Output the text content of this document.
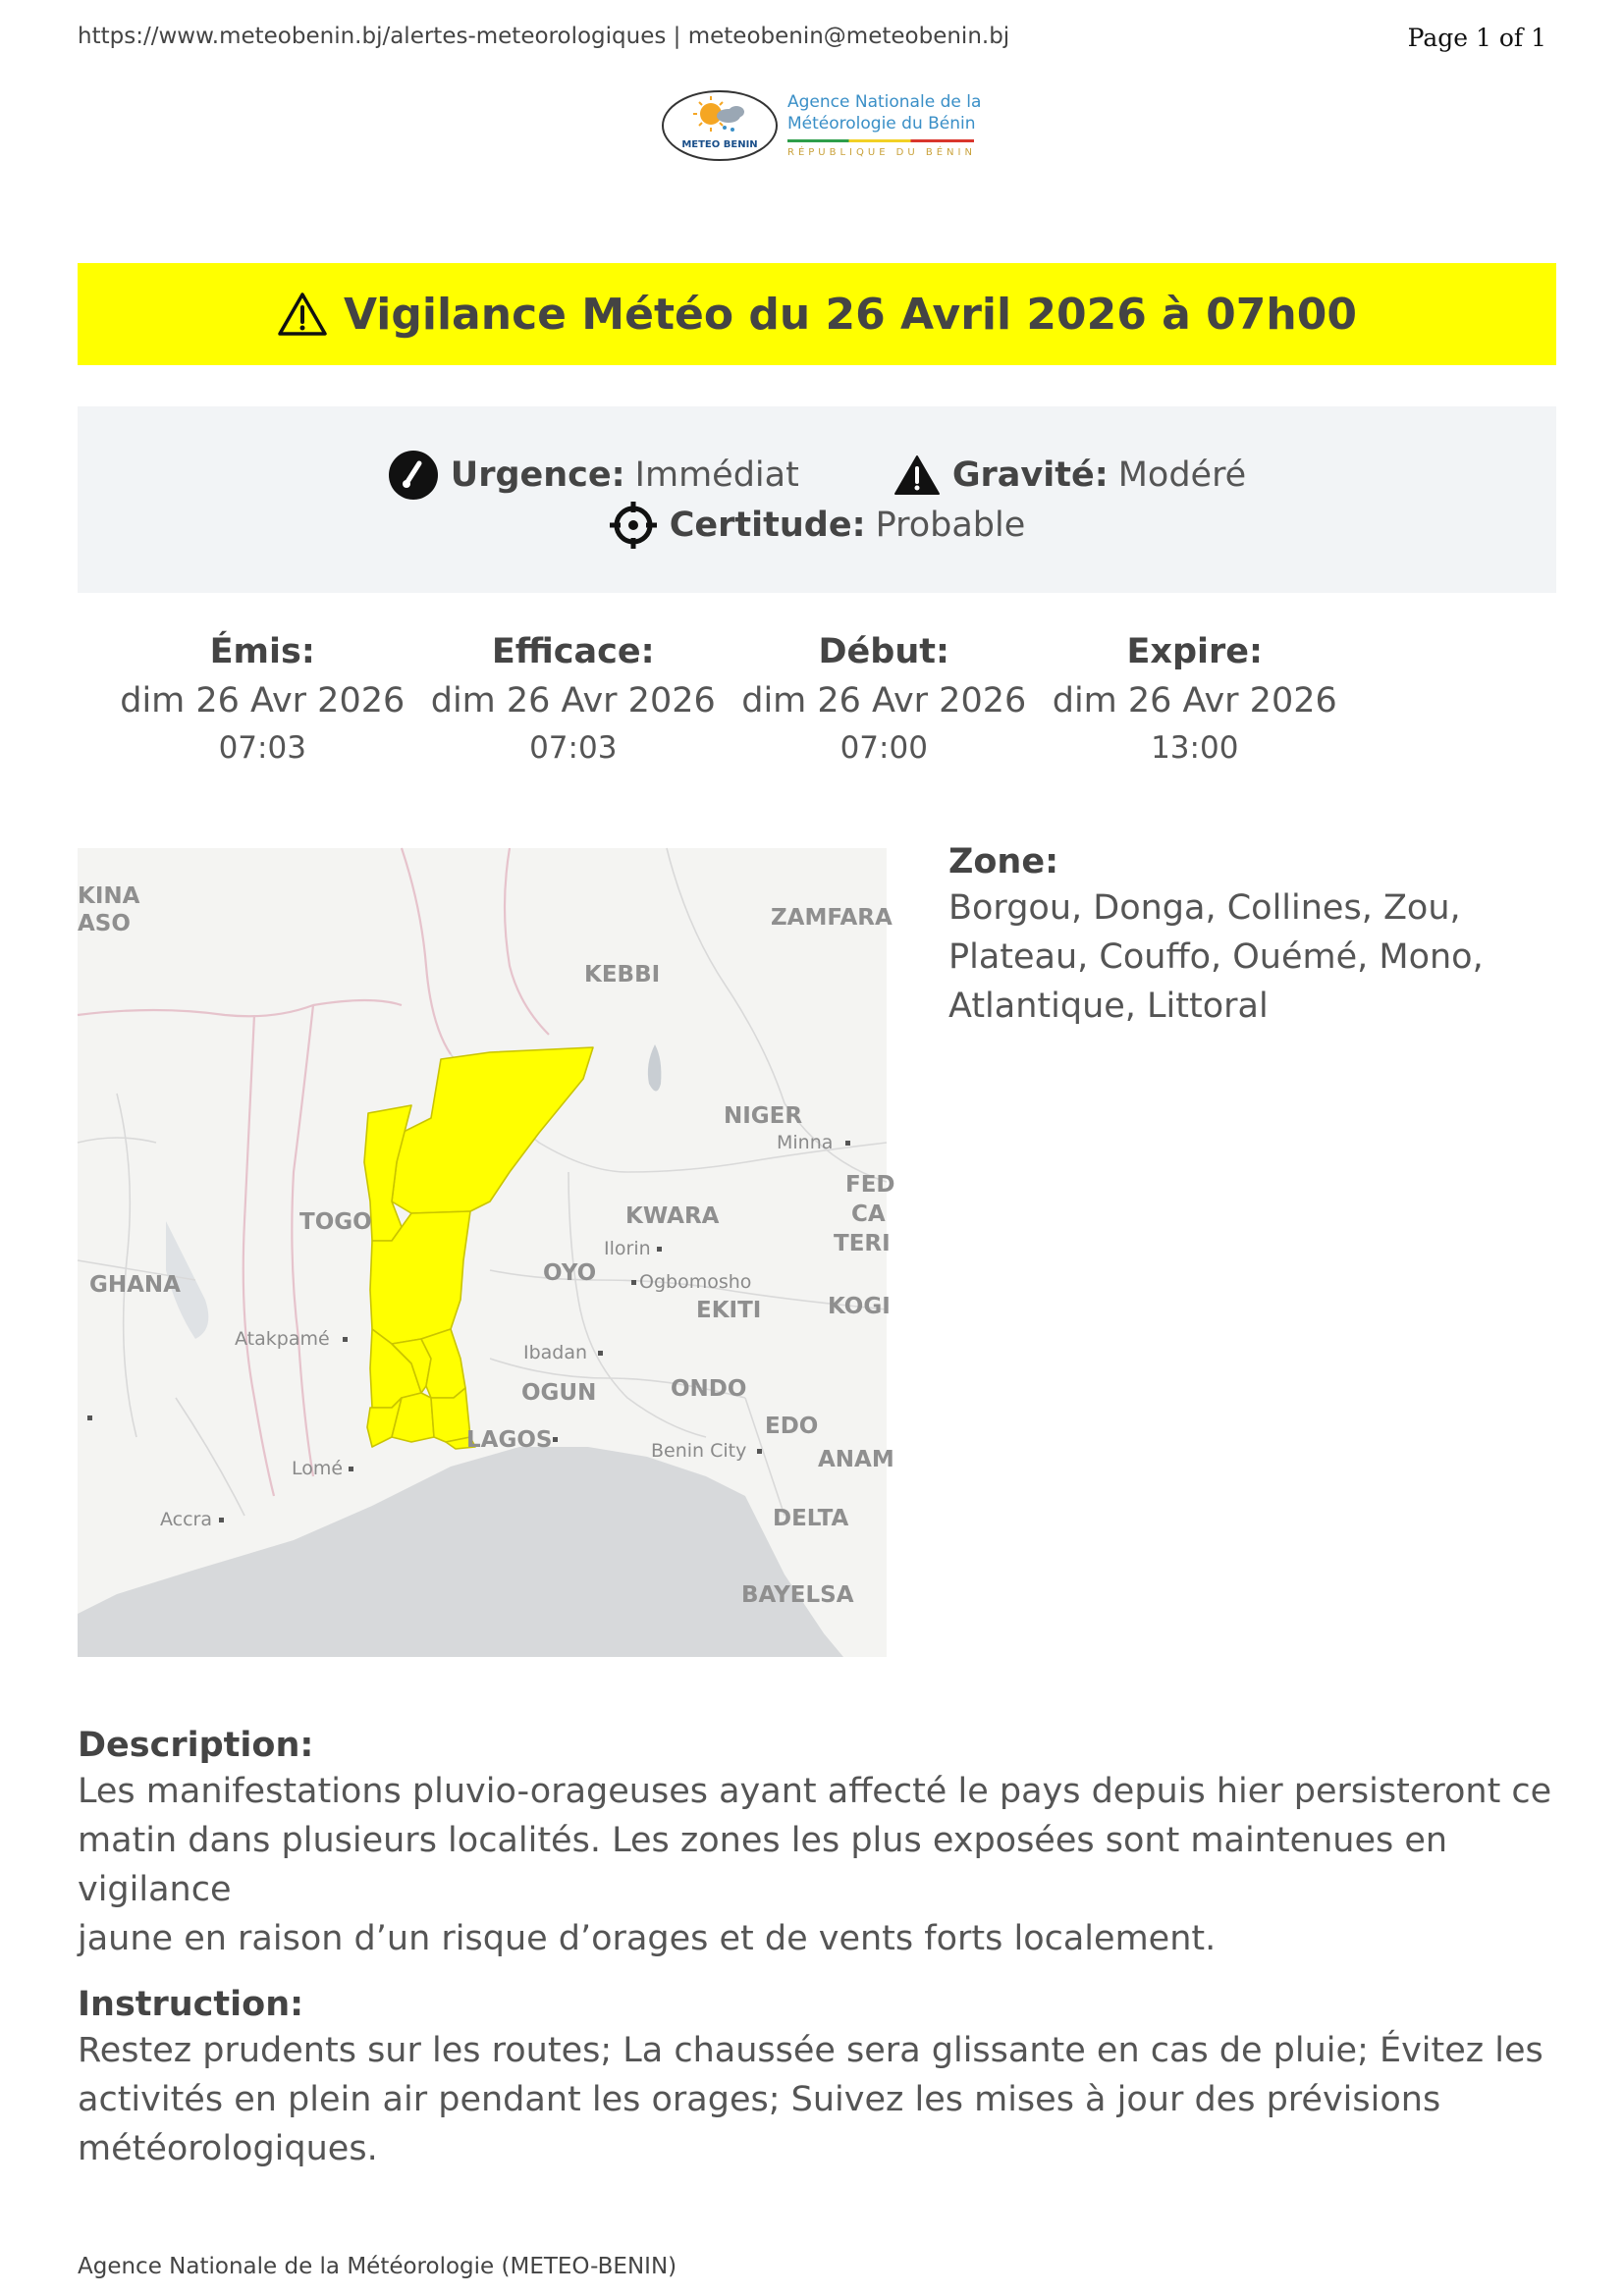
https://www.meteobenin.bj/alertes-meteorologiques | meteobenin@meteobenin.bj	Page 1 of 1
METEO BENIN
Agence Nationale de la
Météorologie du Bénin
RÉPUBLIQUE DU BÉNIN
Vigilance Météo du 26 Avril 2026 à 07h00
Urgence: Immédiat	Gravité: Modéré
Certitude: Probable
Émis:
dim 26 Avr 2026
07:03
Efficace:
dim 26 Avr 2026
07:03
Début:
dim 26 Avr 2026
07:00
Expire:
dim 26 Avr 2026
13:00
KINA
ASO	ZAMFARA
KEBBI
NIGER
FED
CA
TERI
TOGO	KWARA
OYO
EKITI	KOGI
GHANA
OGUN	ONDO
EDO
LAGOS
ANAM
DELTA
BAYELSA
Minna
Ilorin
Ogbomosho
Atakpamé
Ibadan
Benin City
Lomé
Accra
Zone:
Borgou, Donga, Collines, Zou,
Plateau, Couffo, Ouémé, Mono,
Atlantique, Littoral
Description:
Les manifestations pluvio-orageuses ayant affecté le pays depuis hier persisteront ce
matin dans plusieurs localités. Les zones les plus exposées sont maintenues en vigilance
jaune en raison d’un risque d’orages et de vents forts localement.
Instruction:
Restez prudents sur les routes; La chaussée sera glissante en cas de pluie; Évitez les
activités en plein air pendant les orages; Suivez les mises à jour des prévisions
météorologiques.
Agence Nationale de la Météorologie (METEO-BENIN)
